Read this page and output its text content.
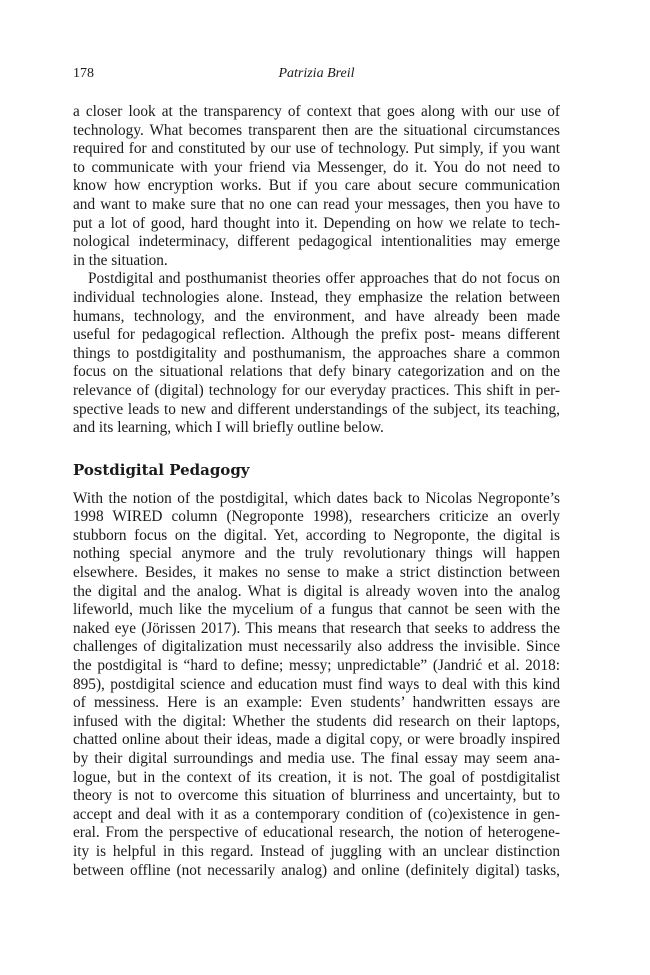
178	Patrizia Breil
a closer look at the transparency of context that goes along with our use of
technology. What becomes transparent then are the situational circumstances
required for and constituted by our use of technology. Put simply, if you want
to communicate with your friend via Messenger, do it. You do not need to
know how encryption works. But if you care about secure communication
and want to make sure that no one can read your messages, then you have to
put a lot of good, hard thought into it. Depending on how we relate to tech-
nological indeterminacy, different pedagogical intentionalities may emerge
in the situation.
Postdigital and posthumanist theories offer approaches that do not focus on
individual technologies alone. Instead, they emphasize the relation between
humans, technology, and the environment, and have already been made
useful for pedagogical reflection. Although the prefix post- means different
things to postdigitality and posthumanism, the approaches share a common
focus on the situational relations that defy binary categorization and on the
relevance of (digital) technology for our everyday practices. This shift in per-
spective leads to new and different understandings of the subject, its teaching,
and its learning, which I will briefly outline below.
Postdigital Pedagogy
With the notion of the postdigital, which dates back to Nicolas Negroponte’s
1998 WIRED column (Negroponte 1998), researchers criticize an overly
stubborn focus on the digital. Yet, according to Negroponte, the digital is
nothing special anymore and the truly revolutionary things will happen
elsewhere. Besides, it makes no sense to make a strict distinction between
the digital and the analog. What is digital is already woven into the analog
lifeworld, much like the mycelium of a fungus that cannot be seen with the
naked eye (Jörissen 2017). This means that research that seeks to address the
challenges of digitalization must necessarily also address the invisible. Since
the postdigital is “hard to define; messy; unpredictable” (Jandrić et al. 2018:
895), postdigital science and education must find ways to deal with this kind
of messiness. Here is an example: Even students’ handwritten essays are
infused with the digital: Whether the students did research on their laptops,
chatted online about their ideas, made a digital copy, or were broadly inspired
by their digital surroundings and media use. The final essay may seem ana-
logue, but in the context of its creation, it is not. The goal of postdigitalist
theory is not to overcome this situation of blurriness and uncertainty, but to
accept and deal with it as a contemporary condition of (co)existence in gen-
eral. From the perspective of educational research, the notion of heterogene-
ity is helpful in this regard. Instead of juggling with an unclear distinction
between offline (not necessarily analog) and online (definitely digital) tasks,
